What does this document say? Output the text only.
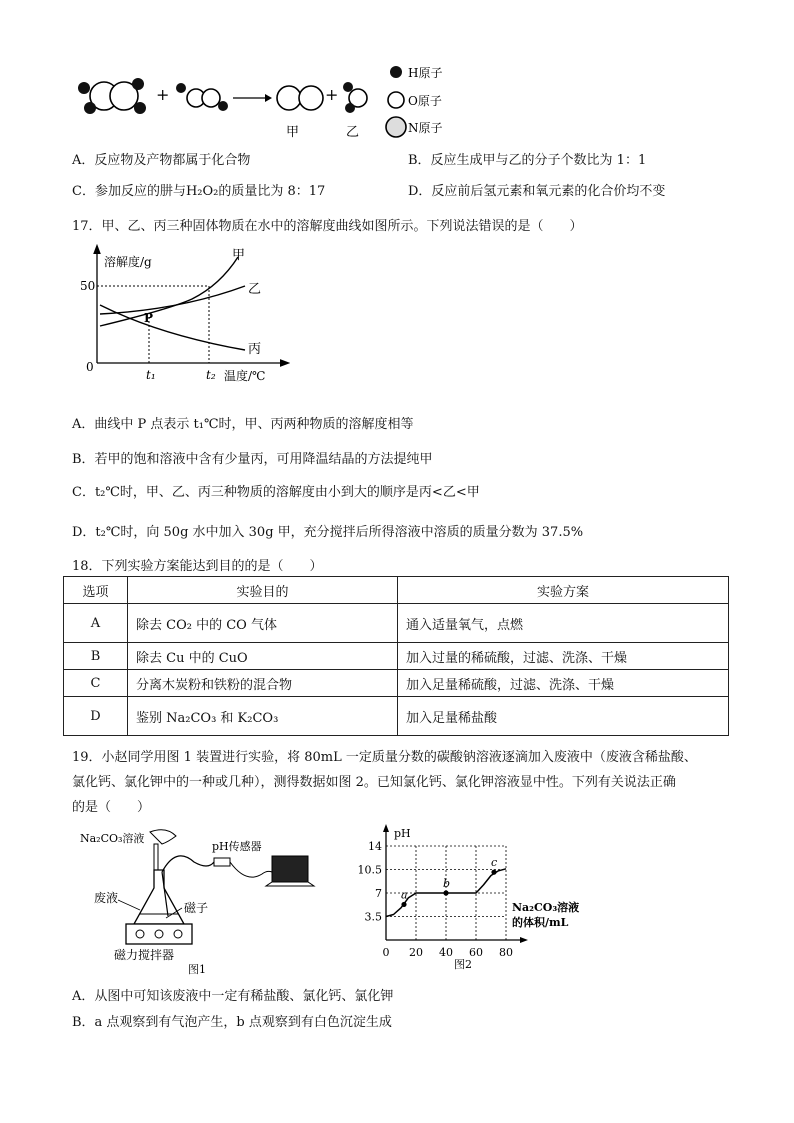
+
甲
+
乙
H原子
O原子
N原子
A．反应物及产物都属于化合物	B．反应生成甲与乙的分子个数比为 1：1
C．参加反应的肼与H₂O₂的质量比为 8：17	D．反应前后氢元素和氧元素的化合价均不变
17．甲、乙、丙三种固体物质在水中的溶解度曲线如图所示。下列说法错误的是（　　）
溶解度/g
50
0
P
甲
乙
丙
t₁	t₂ 温度/℃
A．曲线中 P 点表示 t₁℃时，甲、丙两种物质的溶解度相等
B．若甲的饱和溶液中含有少量丙，可用降温结晶的方法提纯甲
C．t₂℃时，甲、乙、丙三种物质的溶解度由小到大的顺序是丙<乙<甲
D．t₂℃时，向 50g 水中加入 30g 甲，充分搅拌后所得溶液中溶质的质量分数为 37.5%
18．下列实验方案能达到目的的是（　　）
选项	实验目的	实验方案
A	除去 CO₂ 中的 CO 气体	通入适量氧气，点燃
B	除去 Cu 中的 CuO	加入过量的稀硫酸，过滤、洗涤、干燥
C	分离木炭粉和铁粉的混合物	加入足量稀硫酸，过滤、洗涤、干燥
D	鉴别 Na₂CO₃ 和 K₂CO₃	加入足量稀盐酸
19．小赵同学用图 1 装置进行实验，将 80mL 一定质量分数的碳酸钠溶液逐滴加入废液中（废液含稀盐酸、
氯化钙、氯化钾中的一种或几种），测得数据如图 2。已知氯化钙、氯化钾溶液显中性。下列有关说法正确
的是（　　）
Na₂CO₃溶液
pH传感器
废液
磁子
磁力搅拌器
图1
14
10.5
7
3.5
0 20 40 60 80
a
b
c
pH
Na₂CO₃溶液
的体积/mL
图2
A．从图中可知该废液中一定有稀盐酸、氯化钙、氯化钾
B．a 点观察到有气泡产生，b 点观察到有白色沉淀生成
